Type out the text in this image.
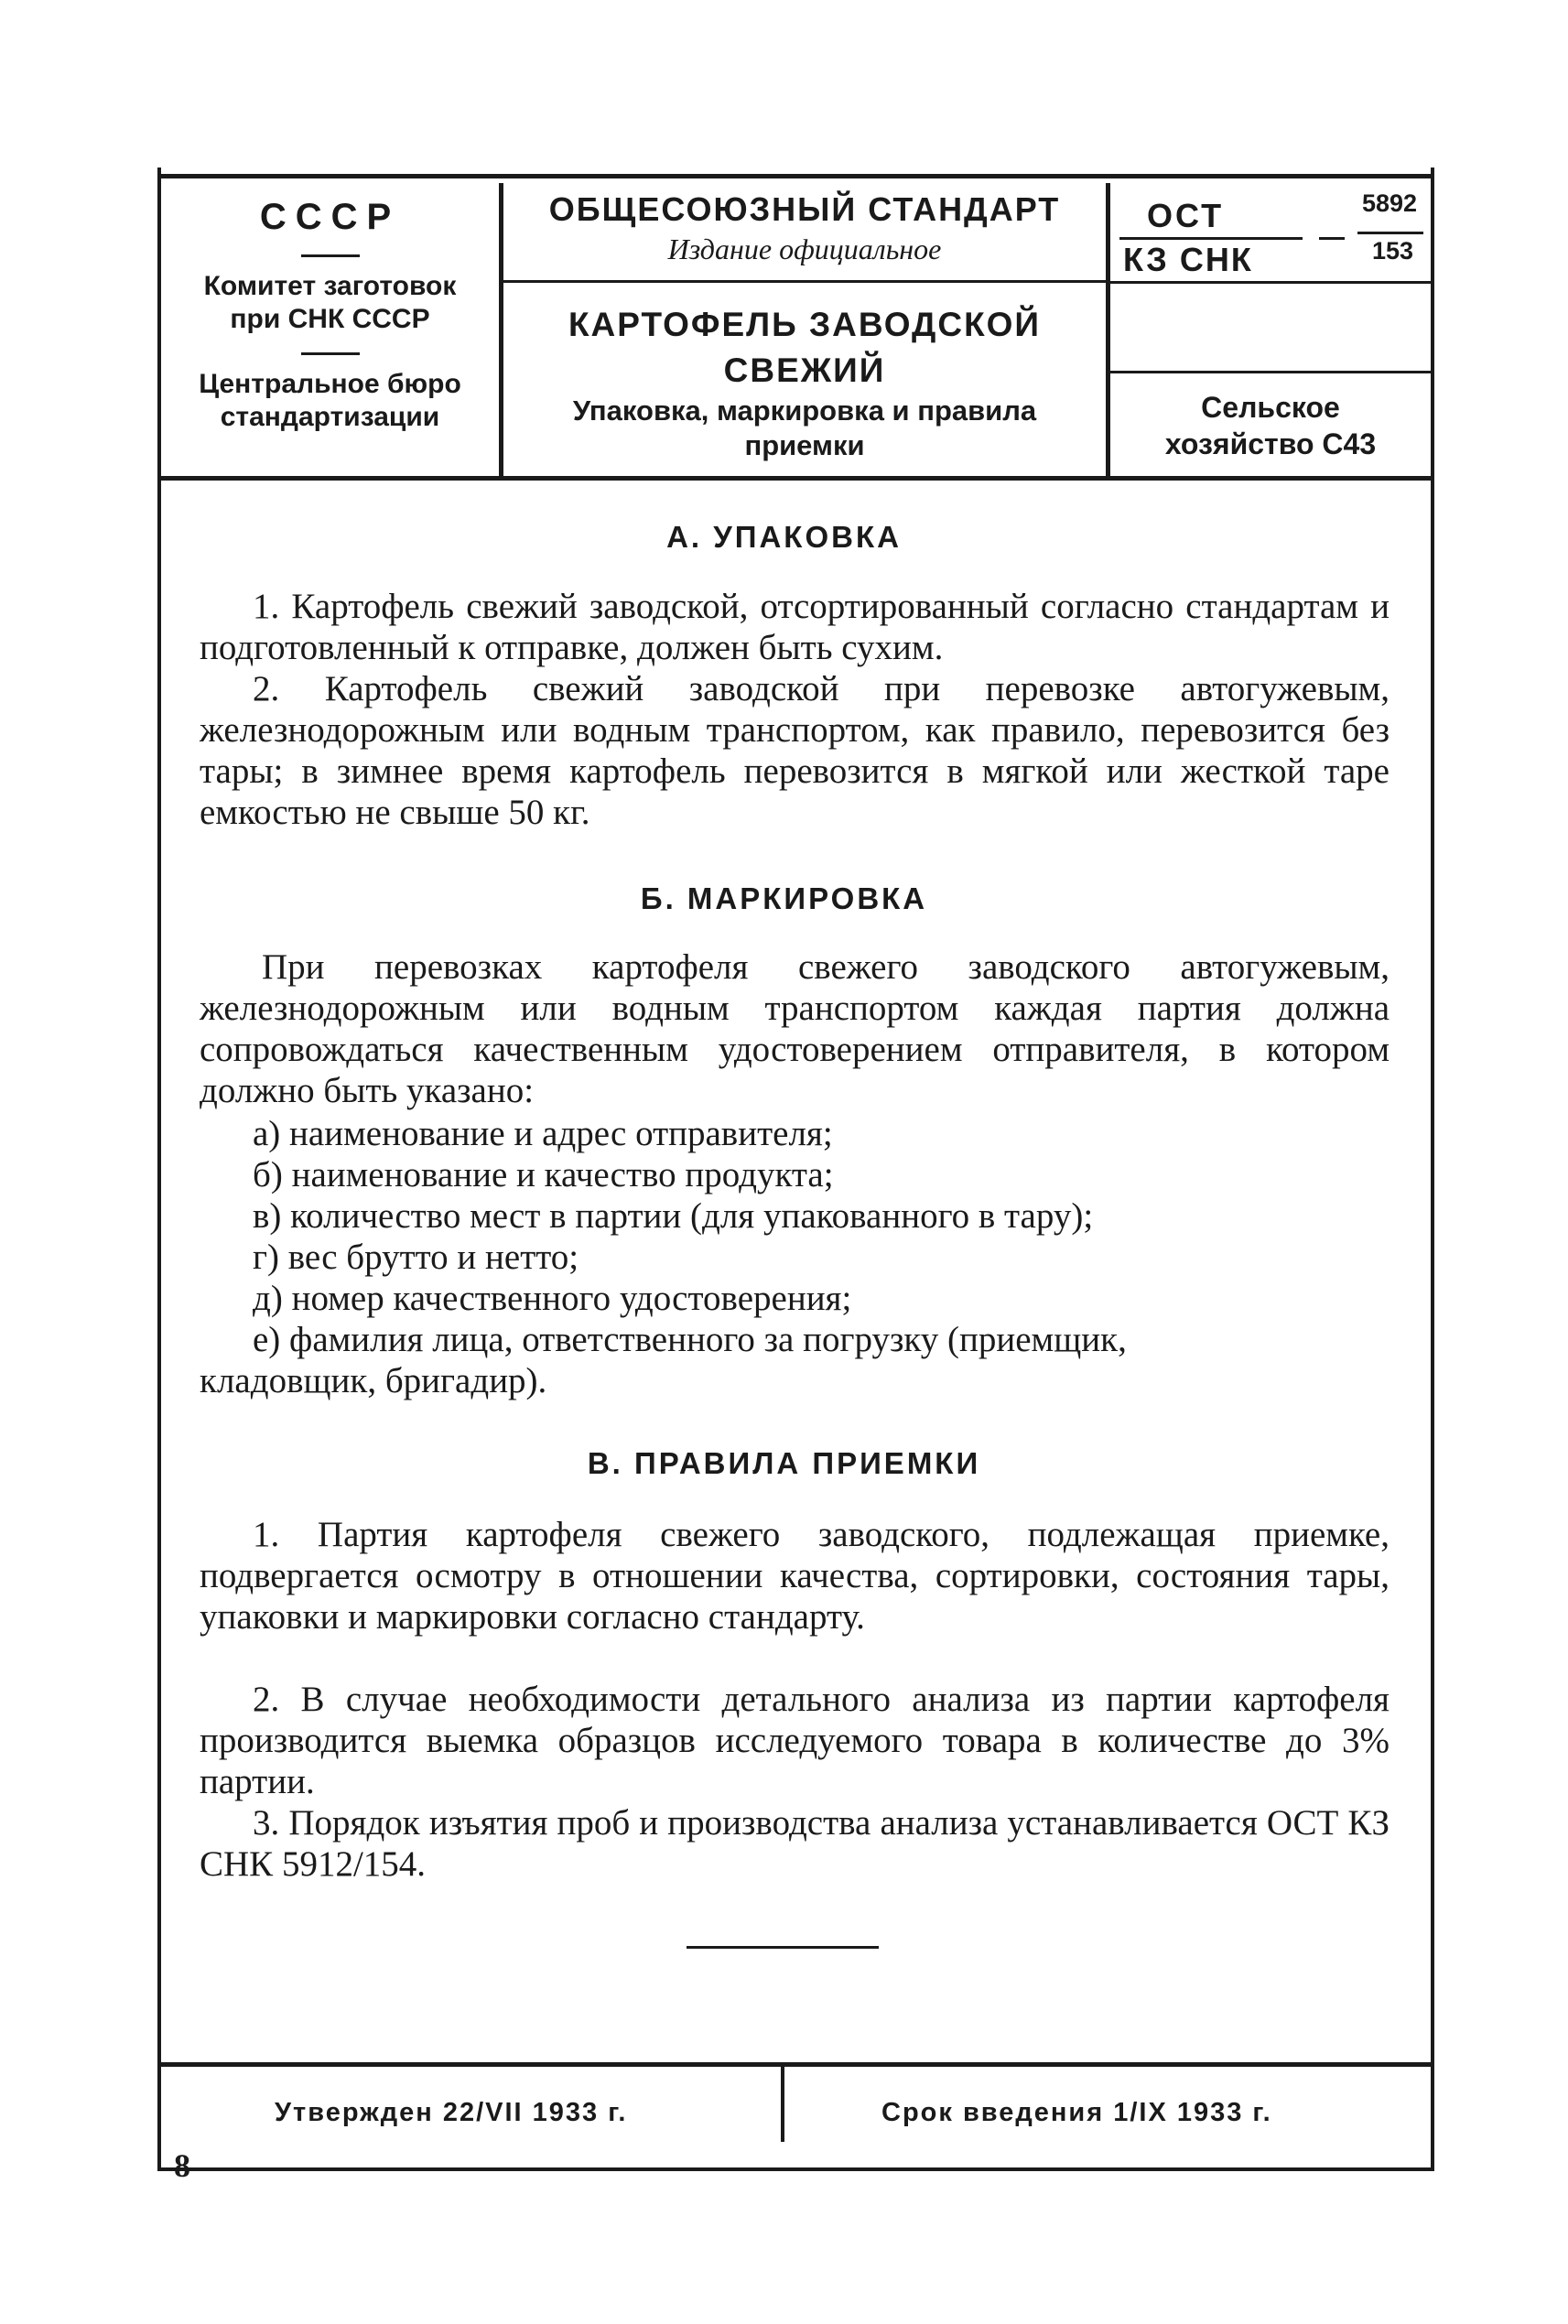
СССР
Комитет заготовок
при СНК СССР
Центральное бюро
стандартизации
ОБЩЕСОЮЗНЫЙ СТАНДАРТ
Издание официальное
КАРТОФЕЛЬ ЗАВОДСКОЙ
СВЕЖИЙ
Упаковка, маркировка и правила
приемки
ОСТ
КЗ СНК
5892
153
Сельское
хозяйство С43
А. УПАКОВКА
1. Картофель свежий заводской, отсортированный согласно стандартам и подготовленный к отправке, должен быть сухим.
2. Картофель свежий заводской при перевозке автогужевым, железнодорожным или водным транспортом, как правило, перевозится без тары; в зимнее время картофель перевозится в мягкой или жесткой таре емкостью не свыше 50 кг.
Б. МАРКИРОВКА
При перевозках картофеля свежего заводского автогужевым, железнодорожным или водным транспортом каждая партия должна сопровождаться качественным удостоверением отправителя, в котором должно быть указано:
а) наименование и адрес отправителя;
б) наименование и качество продукта;
в) количество мест в партии (для упакованного в тару);
г) вес брутто и нетто;
д) номер качественного удостоверения;
е) фамилия лица, ответственного за погрузку (приемщик,
кладовщик, бригадир).
В. ПРАВИЛА ПРИЕМКИ
1. Партия картофеля свежего заводского, подлежащая приемке, подвергается осмотру в отношении качества, сортировки, состояния тары, упаковки и маркировки согласно стандарту.
2. В случае необходимости детального анализа из партии картофеля производится выемка образцов исследуемого товара в количестве до 3% партии.
3. Порядок изъятия проб и производства анализа устанавливается ОСТ КЗ СНК 5912/154.
Утвержден 22/VII 1933 г.	Срок введения 1/IX 1933 г.
8
